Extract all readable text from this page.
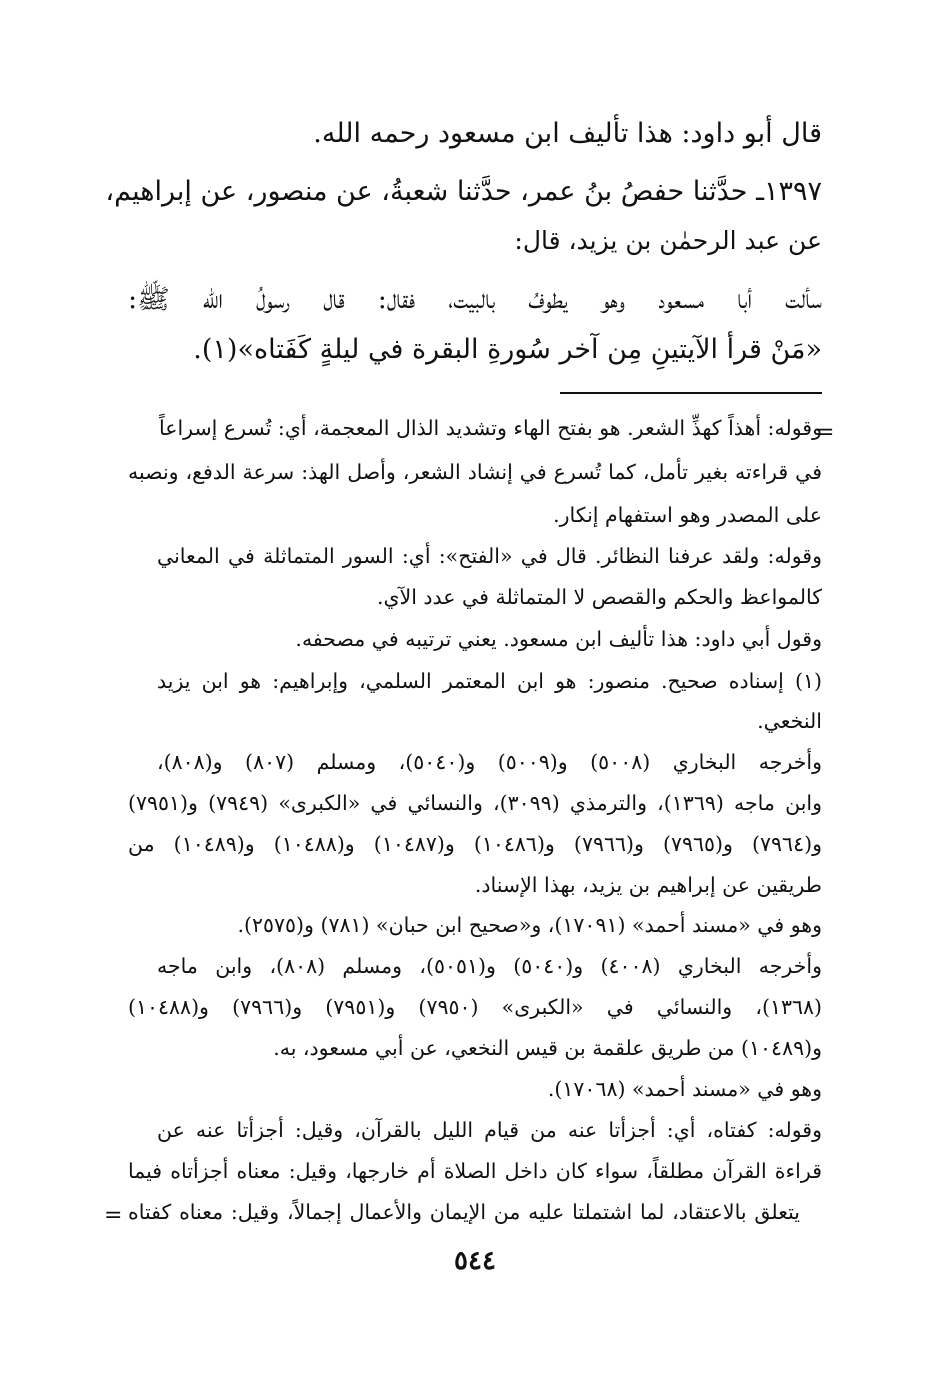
قال أبو داود: هذا تأليف ابن مسعود رحمه الله.
١٣٩٧ـ حدَّثنا حفصُ بنُ عمر، حدَّثنا شعبةُ، عن منصور، عن إبراهيم،
عن عبد الرحمٰن بن يزيد، قال:
سألت أبا مسعود وهو يطوفُ بالبيت، فقال: قال رسولُ الله ﷺ:
«مَنْ قرأ الآيتينِ مِن آخر سُورةِ البقرة في ليلةٍ كَفَتاه»(١).
=
وقوله: أهذاً كهذِّ الشعر. هو بفتح الهاء وتشديد الذال المعجمة، أي: تُسرع إسراعاً
في قراءته بغير تأمل، كما تُسرع في إنشاد الشعر، وأصل الهذ: سرعة الدفع، ونصبه
على المصدر وهو استفهام إنكار.
وقوله: ولقد عرفنا النظائر. قال في «الفتح»: أي: السور المتماثلة في المعاني
كالمواعظ والحكم والقصص لا المتماثلة في عدد الآي.
وقول أبي داود: هذا تأليف ابن مسعود. يعني ترتيبه في مصحفه.
(١) إسناده صحيح. منصور: هو ابن المعتمر السلمي، وإبراهيم: هو ابن يزيد
النخعي.
وأخرجه البخاري (٥٠٠٨) و(٥٠٠٩) و(٥٠٤٠)، ومسلم (٨٠٧) و(٨٠٨)،
وابن ماجه (١٣٦٩)، والترمذي (٣٠٩٩)، والنسائي في «الكبرى» (٧٩٤٩) و(٧٩٥١)
و(٧٩٦٤) و(٧٩٦٥) و(٧٩٦٦) و(١٠٤٨٦) و(١٠٤٨٧) و(١٠٤٨٨) و(١٠٤٨٩) من
طريقين عن إبراهيم بن يزيد، بهذا الإسناد.
وهو في «مسند أحمد» (١٧٠٩١)، و«صحيح ابن حبان» (٧٨١) و(٢٥٧٥).
وأخرجه البخاري (٤٠٠٨) و(٥٠٤٠) و(٥٠٥١)، ومسلم (٨٠٨)، وابن ماجه
(١٣٦٨)، والنسائي في «الكبرى» (٧٩٥٠) و(٧٩٥١) و(٧٩٦٦) و(١٠٤٨٨)
و(١٠٤٨٩) من طريق علقمة بن قيس النخعي، عن أبي مسعود، به.
وهو في «مسند أحمد» (١٧٠٦٨).
وقوله: كفتاه، أي: أجزأتا عنه من قيام الليل بالقرآن، وقيل: أجزأتا عنه عن
قراءة القرآن مطلقاً، سواء كان داخل الصلاة أم خارجها، وقيل: معناه أجزأتاه فيما
يتعلق بالاعتقاد، لما اشتملتا عليه من الإيمان والأعمال إجمالاً، وقيل: معناه كفتاه
=
٥٤٤
